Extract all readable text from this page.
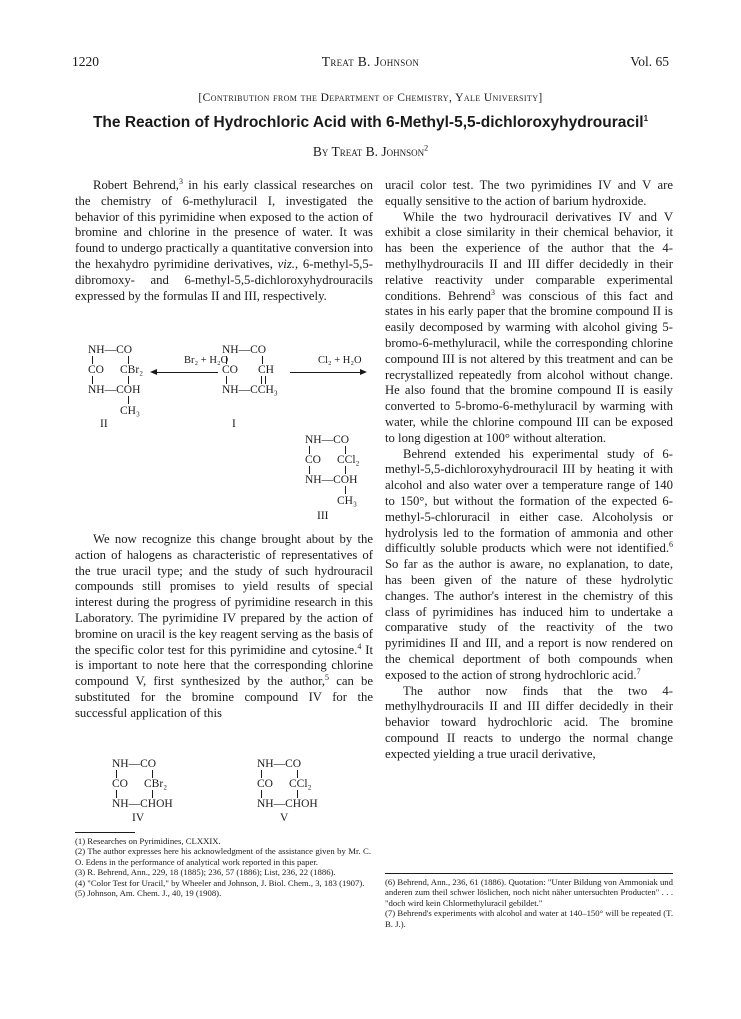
1220	Treat B. Johnson	Vol. 65
[Contribution from the Department of Chemistry, Yale University]
The Reaction of Hydrochloric Acid with 6-Methyl-5,5-dichloroxyhydrouracil$^1$
By Treat B. Johnson$^2$

Robert Behrend,$^3$ in his early classical researches on the chemistry of 6-methyluracil I, investigated the behavior of this pyrimidine when exposed to the action of bromine and chlorine in the presence of water. It was found to undergo practically a quantitative conversion into the hexahydro pyrimidine derivatives, viz., 6-methyl-5,5-dibromoxy- and 6-methyl-5,5-dichloroxyhydrouracils expressed by the formulas II and III, respectively.

NH—CO
CO CBr₂
NH—COH
CH₃
II
Br₂ + H₂O
NH—CO
CO CH
NH—CCH₃
I
Cl₂ + H₂O
NH—CO
CO CCl₂
NH—COH
CH₃
III

We now recognize this change brought about by the action of halogens as characteristic of representatives of the true uracil type; and the study of such hydrouracil compounds still promises to yield results of special interest during the progress of pyrimidine research in this Laboratory. The pyrimidine IV prepared by the action of bromine on uracil is the key reagent serving as the basis of the specific color test for this pyrimidine and cytosine.$^4$ It is important to note here that the corresponding chlorine compound V, first synthesized by the author,$^5$ can be substituted for the bromine compound IV for the successful application of this

NH—CO
CO CBr₂
NH—CHOH
IV
NH—CO
CO CCl₂
NH—CHOH
V

(1) Researches on Pyrimidines, CLXXIX.

(2) The author expresses here his acknowledgment of the assistance given by Mr. C. O. Edens in the performance of analytical work reported in this paper.

(3) R. Behrend, Ann., 229, 18 (1885); 236, 57 (1886); List, 236, 22 (1886).

(4) "Color Test for Uracil," by Wheeler and Johnson, J. Biol. Chem., 3, 183 (1907).

(5) Johnson, Am. Chem. J., 40, 19 (1908).

uracil color test. The two pyrimidines IV and V are equally sensitive to the action of barium hydroxide.

While the two hydrouracil derivatives IV and V exhibit a close similarity in their chemical behavior, it has been the experience of the author that the 4-methylhydrouracils II and III differ decidedly in their relative reactivity under comparable experimental conditions. Behrend$^3$ was conscious of this fact and states in his early paper that the bromine compound II is easily decomposed by warming with alcohol giving 5-bromo-6-methyluracil, while the corresponding chlorine compound III is not altered by this treatment and can be recrystallized repeatedly from alcohol without change. He also found that the bromine compound II is easily converted to 5-bromo-6-methyluracil by warming with water, while the chlorine compound III can be exposed to long digestion at 100° without alteration.

Behrend extended his experimental study of 6-methyl-5,5-dichloroxyhydrouracil III by heating it with alcohol and also water over a temperature range of 140 to 150°, but without the formation of the expected 6-methyl-5-chloruracil in either case. Alcoholysis or hydrolysis led to the formation of ammonia and other difficultly soluble products which were not identified.$^6$ So far as the author is aware, no explanation, to date, has been given of the nature of these hydrolytic changes. The author's interest in the chemistry of this class of pyrimidines has induced him to undertake a comparative study of the reactivity of the two pyrimidines II and III, and a report is now rendered on the chemical deportment of both compounds when exposed to the action of strong hydrochloric acid.$^7$

The author now finds that the two 4-methylhydrouracils II and III differ decidedly in their behavior toward hydrochloric acid. The bromine compound II reacts to undergo the normal change expected yielding a true uracil derivative,

(6) Behrend, Ann., 236, 61 (1886). Quotation: "Unter Bildung von Ammoniak und anderen zum theil schwer löslichen, noch nicht näher untersuchten Producten" . . . "doch wird kein Chlormethyluracil gebildet."

(7) Behrend's experiments with alcohol and water at 140–150° will be repeated (T. B. J.).
